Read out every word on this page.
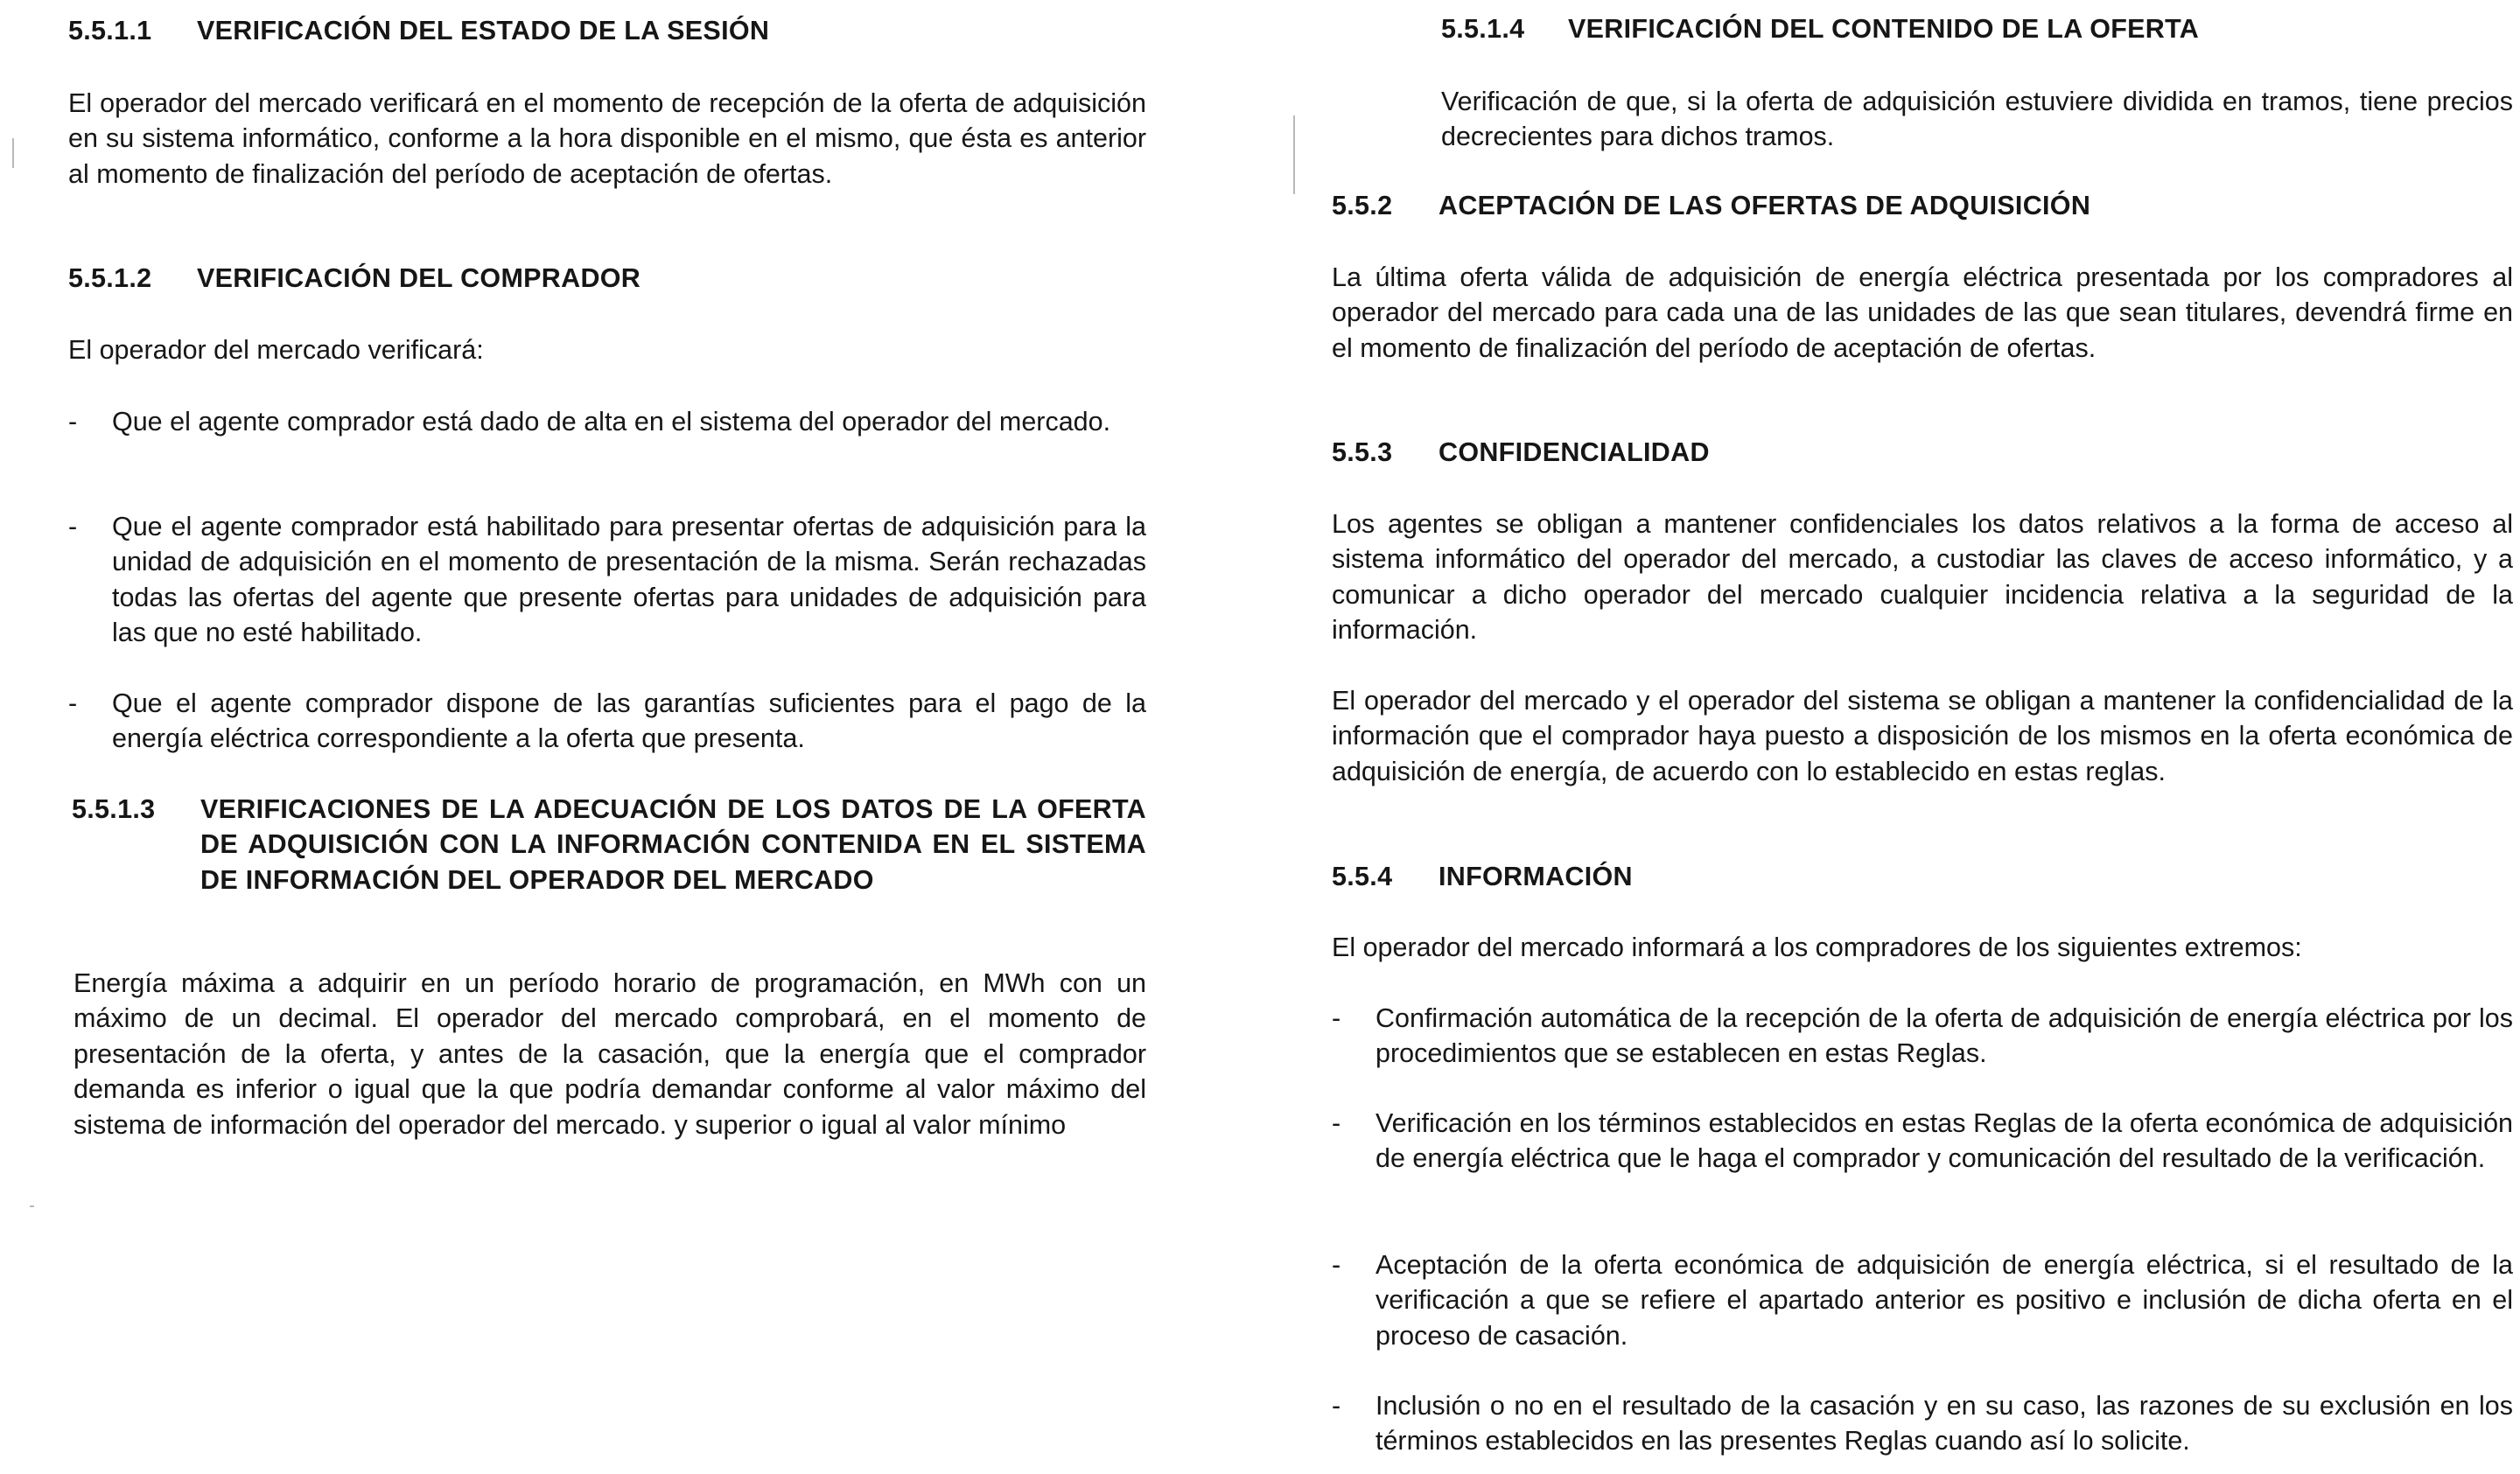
5.5.1.1	VERIFICACIÓN DEL ESTADO DE LA SESIÓN

El operador del mercado verificará en el momento de recepción de la oferta de adquisición en su sistema informático, conforme a la hora disponible en el mismo, que ésta es anterior al momento de finalización del período de aceptación de ofertas.

5.5.1.2	VERIFICACIÓN DEL COMPRADOR

El operador del mercado verificará:

-	Que el agente comprador está dado de alta en el sistema del operador del mercado.
-	Que el agente comprador está habilitado para presentar ofertas de adquisición para la unidad de adquisición en el momento de presentación de la misma. Serán rechazadas todas las ofertas del agente que presente ofertas para unidades de adquisición para las que no esté habilitado.
-	Que el agente comprador dispone de las garantías suficientes para el pago de la energía eléctrica correspondiente a la oferta que presenta.
5.5.1.3	VERIFICACIONES DE LA ADECUACIÓN DE LOS DATOS DE LA OFERTA DE ADQUISICIÓN CON LA INFORMACIÓN CONTENIDA EN EL SISTEMA DE INFORMACIÓN DEL OPERADOR DEL MERCADO

Energía máxima a adquirir en un período horario de programación, en MWh con un máximo de un decimal. El operador del mercado comprobará, en el momento de presentación de la oferta, y antes de la casación, que la energía que el comprador demanda es inferior o igual que la que podría demandar conforme al valor máximo del sistema de información del operador del mercado. y superior o igual al valor mínimo

5.5.1.4	VERIFICACIÓN DEL CONTENIDO DE LA OFERTA

Verificación de que, si la oferta de adquisición estuviere dividida en tramos, tiene precios decrecientes para dichos tramos.

5.5.2	ACEPTACIÓN DE LAS OFERTAS DE ADQUISICIÓN

La última oferta válida de adquisición de energía eléctrica presentada por los compradores al operador del mercado para cada una de las unidades de las que sean titulares, devendrá firme en el momento de finalización del período de aceptación de ofertas.

5.5.3	CONFIDENCIALIDAD

Los agentes se obligan a mantener confidenciales los datos relativos a la forma de acceso al sistema informático del operador del mercado, a custodiar las claves de acceso informático, y a comunicar a dicho operador del mercado cualquier incidencia relativa a la seguridad de la información.

El operador del mercado y el operador del sistema se obligan a mantener la confidencialidad de la información que el comprador haya puesto a disposición de los mismos en la oferta económica de adquisición de energía, de acuerdo con lo establecido en estas reglas.

5.5.4	INFORMACIÓN

El operador del mercado informará a los compradores de los siguientes extremos:

-	Confirmación automática de la recepción de la oferta de adquisición de energía eléctrica por los procedimientos que se establecen en estas Reglas.
-	Verificación en los términos establecidos en estas Reglas de la oferta económica de adquisición de energía eléctrica que le haga el comprador y comunicación del resultado de la verificación.
-	Aceptación de la oferta económica de adquisición de energía eléctrica, si el resultado de la verificación a que se refiere el apartado anterior es positivo e inclusión de dicha oferta en el proceso de casación.
-	Inclusión o no en el resultado de la casación y en su caso, las razones de su exclusión en los términos establecidos en las presentes Reglas cuando así lo solicite.
